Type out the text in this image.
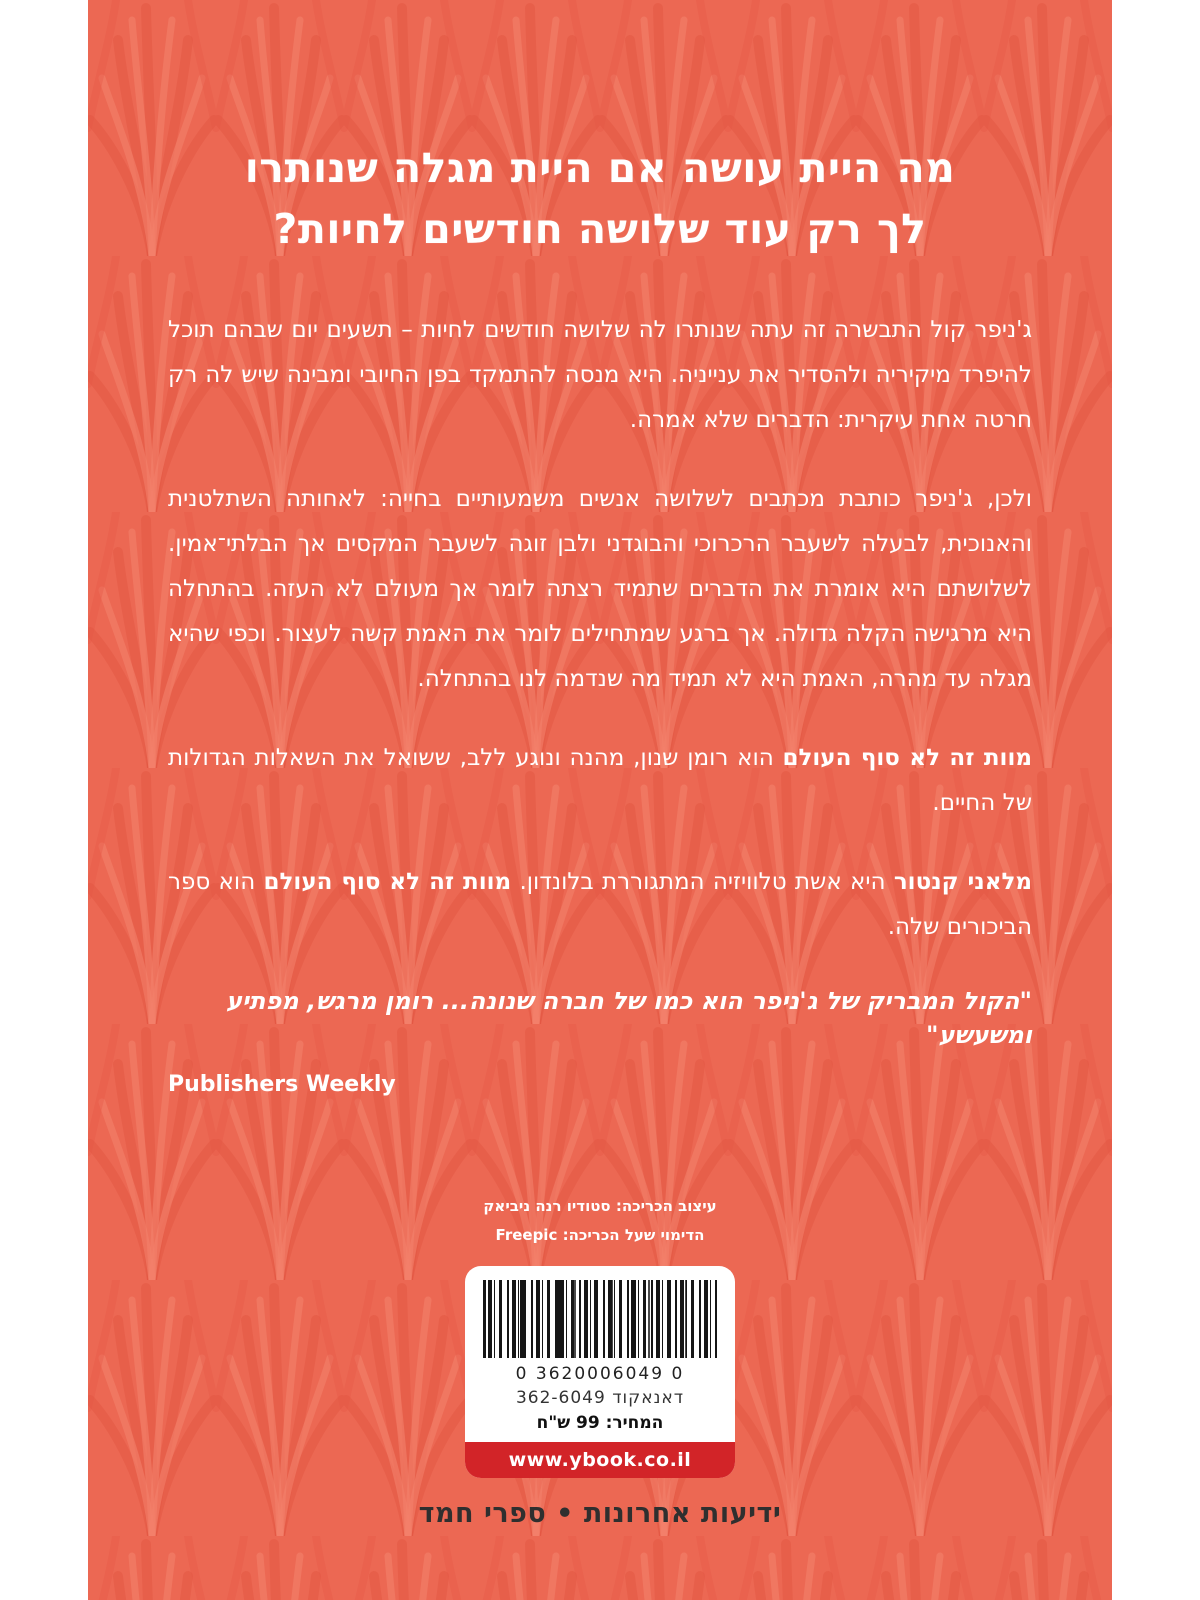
מה היית עושה אם היית מגלה שנותרו
לך רק עוד שלושה חודשים לחיות?

ג'ניפר קול התבשרה זה עתה שנותרו לה שלושה חודשים לחיות – תשעים יום שבהם תוכל להיפרד מיקיריה ולהסדיר את ענייניה. היא מנסה להתמקד בפן החיובי ומבינה שיש לה רק חרטה אחת עיקרית: הדברים שלא אמרה.

ולכן, ג'ניפר כותבת מכתבים לשלושה אנשים משמעותיים בחייה: לאחותה השתלטנית והאנוכית, לבעלה לשעבר הרכרוכי והבוגדני ולבן זוגה לשעבר המקסים אך הבלתי־אמין. לשלושתם היא אומרת את הדברים שתמיד רצתה לומר אך מעולם לא העזה. בהתחלה היא מרגישה הקלה גדולה. אך ברגע שמתחילים לומר את האמת קשה לעצור. וכפי שהיא מגלה עד מהרה, האמת היא לא תמיד מה שנדמה לנו בהתחלה.

מוות זה לא סוף העולם הוא רומן שנון, מהנה ונוגע ללב, ששואל את השאלות הגדולות של החיים.

מלאני קנטור היא אשת טלוויזיה המתגוררת בלונדון. מוות זה לא סוף העולם הוא ספר הביכורים שלה.

"הקול המבריק של ג'ניפר הוא כמו של חברה שנונה... רומן מרגש, מפתיע ומשעשע"
Publishers Weekly
עיצוב הכריכה: סטודיו רנה ניביאק
הדימוי שעל הכריכה: Freepic
0 3620006049 0
דאנאקוד 362-6049
המחיר: 99 ש"ח
www.ybook.co.il
ידיעות אחרונות • ספרי חמד
